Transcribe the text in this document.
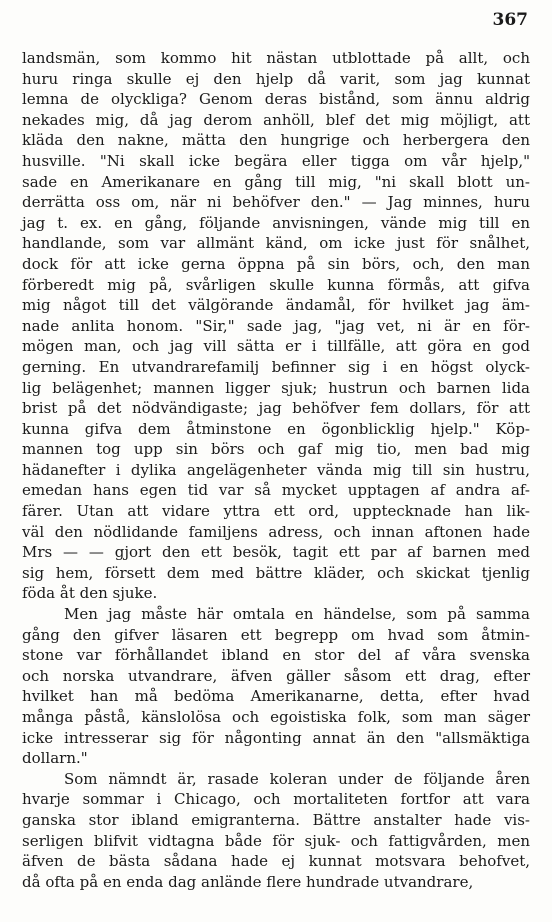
367
landsmän, som kommo hit nästan utblottade på allt, och
huru ringa skulle ej den hjelp då varit, som jag kunnat
lemna de olyckliga? Genom deras bistånd, som ännu aldrig
nekades mig, då jag derom anhöll, blef det mig möjligt, att
kläda den nakne, mätta den hungrige och herbergera den
husville. "Ni skall icke begära eller tigga om vår hjelp,"
sade en Amerikanare en gång till mig, "ni skall blott un-
derrätta oss om, när ni behöfver den." — Jag minnes, huru
jag t. ex. en gång, följande anvisningen, vände mig till en
handlande, som var allmänt känd, om icke just för snålhet,
dock för att icke gerna öppna på sin börs, och, den man
förberedt mig på, svårligen skulle kunna förmås, att gifva
mig något till det välgörande ändamål, för hvilket jag äm-
nade anlita honom. "Sir," sade jag, "jag vet, ni är en för-
mögen man, och jag vill sätta er i tillfälle, att göra en god
gerning. En utvandrarefamilj befinner sig i en högst olyck-
lig belägenhet; mannen ligger sjuk; hustrun och barnen lida
brist på det nödvändigaste; jag behöfver fem dollars, för att
kunna gifva dem åtminstone en ögonblicklig hjelp." Köp-
mannen tog upp sin börs och gaf mig tio, men bad mig
hädanefter i dylika angelägenheter vända mig till sin hustru,
emedan hans egen tid var så mycket upptagen af andra af-
färer. Utan att vidare yttra ett ord, upptecknade han lik-
väl den nödlidande familjens adress, och innan aftonen hade
Mrs — — gjort den ett besök, tagit ett par af barnen med
sig hem, försett dem med bättre kläder, och skickat tjenlig
föda åt den sjuke.
Men jag måste här omtala en händelse, som på samma
gång den gifver läsaren ett begrepp om hvad som åtmin-
stone var förhållandet ibland en stor del af våra svenska
och norska utvandrare, äfven gäller såsom ett drag, efter
hvilket han må bedöma Amerikanarne, detta, efter hvad
många påstå, känslolösa och egoistiska folk, som man säger
icke intresserar sig för någonting annat än den "allsmäktiga
dollarn."
Som nämndt är, rasade koleran under de följande åren
hvarje sommar i Chicago, och mortaliteten fortfor att vara
ganska stor ibland emigranterna. Bättre anstalter hade vis-
serligen blifvit vidtagna både för sjuk- och fattigvården, men
äfven de bästa sådana hade ej kunnat motsvara behofvet,
då ofta på en enda dag anlände flere hundrade utvandrare,
